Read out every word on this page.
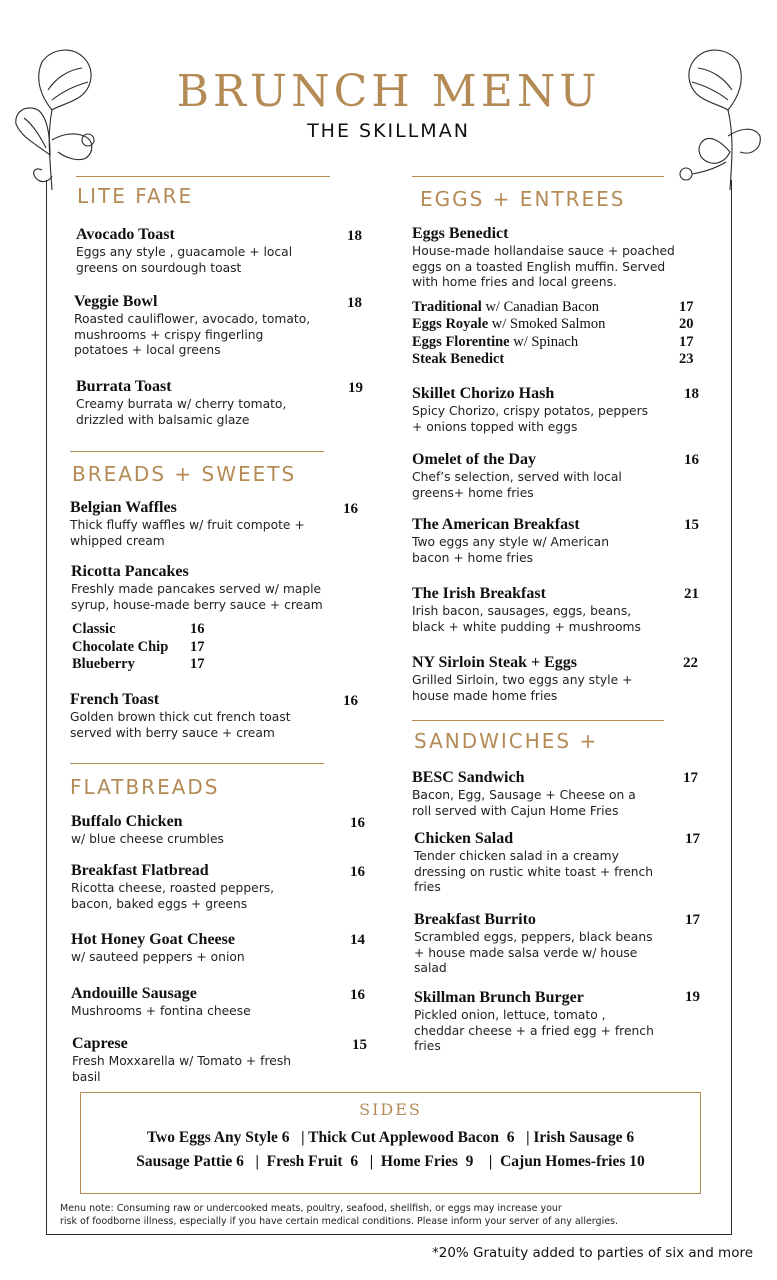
BRUNCH MENU
THE SKILLMAN
LITE FARE
Avocado Toast
Eggs any style , guacamole + local
greens on sourdough toast
18
Veggie Bowl
Roasted cauliflower, avocado, tomato,
mushrooms + crispy fingerling
potatoes + local greens
18
Burrata Toast
Creamy burrata w/ cherry tomato,
drizzled with balsamic glaze
19
BREADS + SWEETS
Belgian Waffles
Thick fluffy waffles w/ fruit compote +
whipped cream
16
Ricotta Pancakes
Freshly made pancakes served w/ maple
syrup, house-made berry sauce + cream
Classic	16
Chocolate Chip 17
Blueberry	17
French Toast
Golden brown thick cut french toast
served with berry sauce + cream
16
FLATBREADS
Buffalo Chicken
w/ blue cheese crumbles
16
Breakfast Flatbread
Ricotta cheese, roasted peppers,
bacon, baked eggs + greens
16
Hot Honey Goat Cheese
w/ sauteed peppers + onion
14
Andouille Sausage
Mushrooms + fontina cheese
16
Caprese
Fresh Moxxarella w/ Tomato + fresh
basil
15
EGGS + ENTREES
Eggs Benedict
House-made hollandaise sauce + poached
eggs on a toasted English muffin. Served
with home fries and local greens.
Traditional w/ Canadian Bacon	17
Eggs Royale w/ Smoked Salmon	20
Eggs Florentine w/ Spinach	17
Steak Benedict	23
Skillet Chorizo Hash
Spicy Chorizo, crispy potatos, peppers
+ onions topped with eggs
18
Omelet of the Day
Chef’s selection, served with local
greens+ home fries
16
The American Breakfast
Two eggs any style w/ American
bacon + home fries
15
The Irish Breakfast
Irish bacon, sausages, eggs, beans,
black + white pudding + mushrooms
21
NY Sirloin Steak + Eggs
Grilled Sirloin, two eggs any style +
house made home fries
22
SANDWICHES +
BESC Sandwich
Bacon, Egg, Sausage + Cheese on a
roll served with Cajun Home Fries
17
Chicken Salad
Tender chicken salad in a creamy
dressing on rustic white toast + french
fries
17
Breakfast Burrito
Scrambled eggs, peppers, black beans
+ house made salsa verde w/ house
salad
17
Skillman Brunch Burger
Pickled onion, lettuce, tomato ,
cheddar cheese + a fried egg + french
fries
19
SIDES
Two Eggs Any Style 6   | Thick Cut Applewood Bacon  6   | Irish Sausage 6
Sausage Pattie 6   |  Fresh Fruit  6   |  Home Fries  9    |  Cajun Homes-fries 10
Menu note: Consuming raw or undercooked meats, poultry, seafood, shellfish, or eggs may increase your
risk of foodborne illness, especially if you have certain medical conditions. Please inform your server of any allergies.
*20% Gratuity added to parties of six and more
